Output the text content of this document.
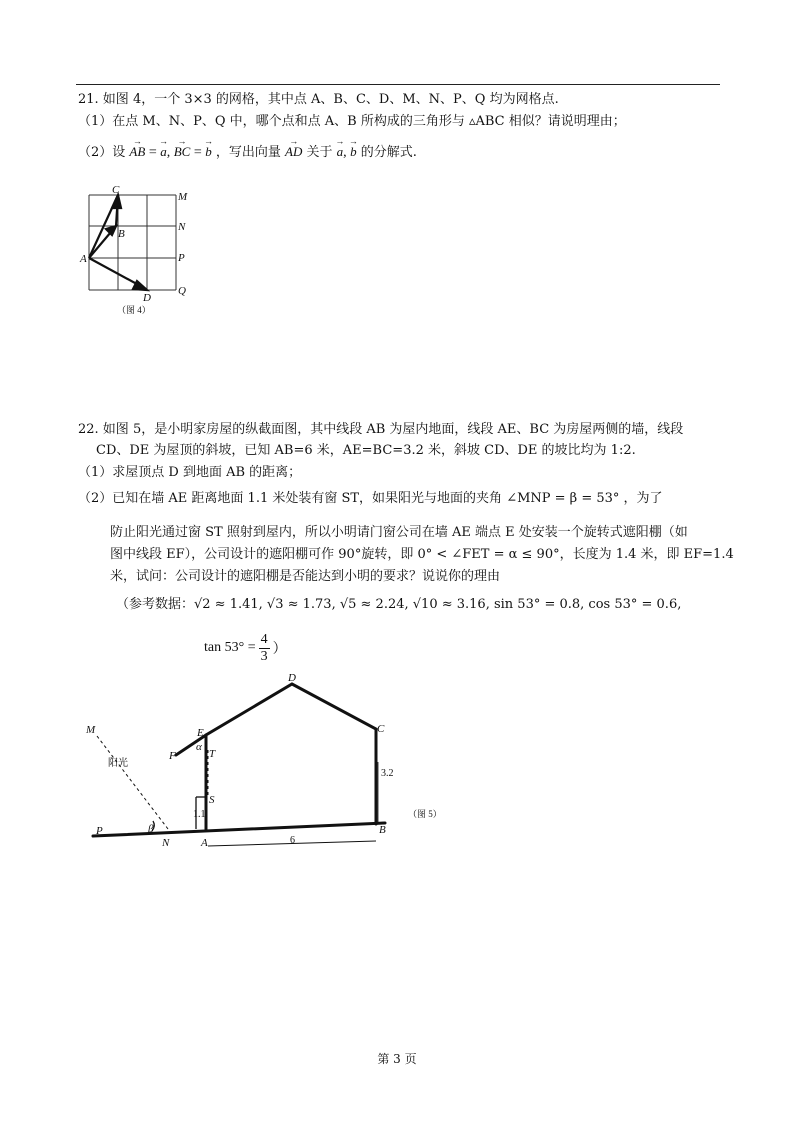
21. 如图 4，一个 3×3 的网格，其中点 A、B、C、D、M、N、P、Q 均为网格点.
（1）在点 M、N、P、Q 中，哪个点和点 A、B 所构成的三角形与 ▵ABC 相似？请说明理由；
（2）设 → AB = → a, → BC = → b ，写出向量 → AD 关于 → a, → b 的分解式.
C
M
B
N
A	P
D
Q
（图 4）
22. 如图 5，是小明家房屋的纵截面图，其中线段 AB 为屋内地面，线段 AE、BC 为房屋两侧的墙，线段
CD、DE 为屋顶的斜坡，已知 AB=6 米，AE=BC=3.2 米，斜坡 CD、DE 的坡比均为 1:2.
（1）求屋顶点 D 到地面 AB 的距离；
（2）已知在墙 AE 距离地面 1.1 米处装有窗 ST，如果阳光与地面的夹角 ∠MNP = β = 53° ，为了
防止阳光通过窗 ST 照射到屋内，所以小明请门窗公司在墙 AE 端点 E 处安装一个旋转式遮阳棚（如
图中线段 EF），公司设计的遮阳棚可作 90°旋转，即 0° < ∠FET = α ≤ 90°，长度为 1.4 米，即 EF=1.4
米，试问：公司设计的遮阳棚是否能达到小明的要求？说说你的理由
（参考数据：√2 ≈ 1.41, √3 ≈ 1.73, √5 ≈ 2.24, √10 ≈ 3.16, sin 53° = 0.8, cos 53° = 0.6,
$\tan 53^\circ = \frac{4}{3}$ ）
D
E	C
M
F
α
T
S
P	β
N	A
B
阳光
3.2
1.1
6
（图 5）
第 3 页
